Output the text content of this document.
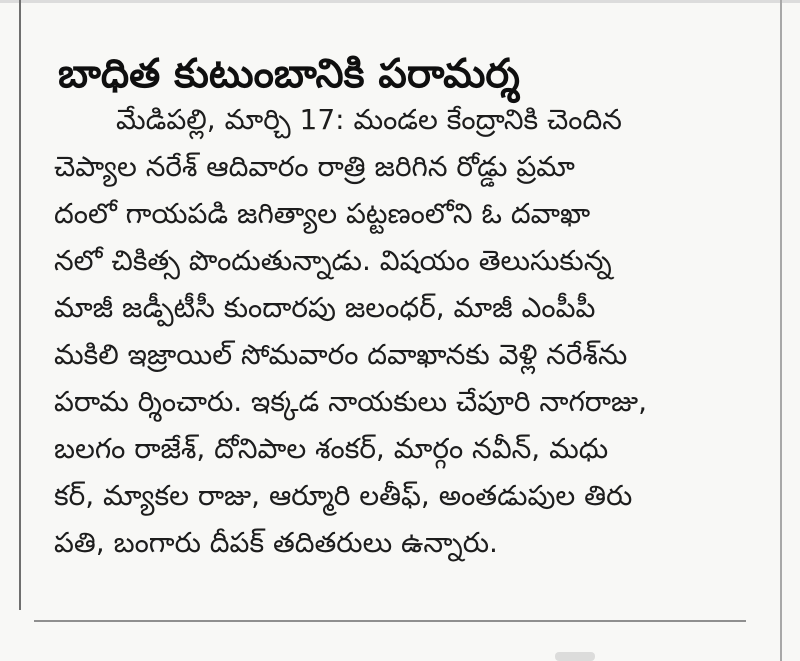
బాధిత కుటుంబానికి పరామర్శ
మేడిపల్లి, మార్చి 17: మండల కేంద్రానికి చెందిన
చెప్యాల నరేశ్ ఆదివారం రాత్రి జరిగిన రోడ్డు ప్రమా
దంలో గాయపడి జగిత్యాల పట్టణంలోని ఓ దవాఖా
నలో చికిత్స పొందుతున్నాడు. విషయం తెలుసుకున్న
మాజీ జడ్పీటీసీ కుందారపు జలంధర్, మాజీ ఎంపీపీ
మకిలి ఇజ్రాయిల్ సోమవారం దవాఖానకు వెళ్లి నరేశ్‌ను
పరామ ర్శించారు. ఇక్కడ నాయకులు చేపూరి నాగరాజు,
బలగం రాజేశ్, దోనిపాల శంకర్, మార్గం నవీన్, మధు
కర్, మ్యాకల రాజు, ఆర్మూరి లతీఫ్, అంతడుపుల తిరు
పతి, బంగారు దీపక్ తదితరులు ఉన్నారు.
